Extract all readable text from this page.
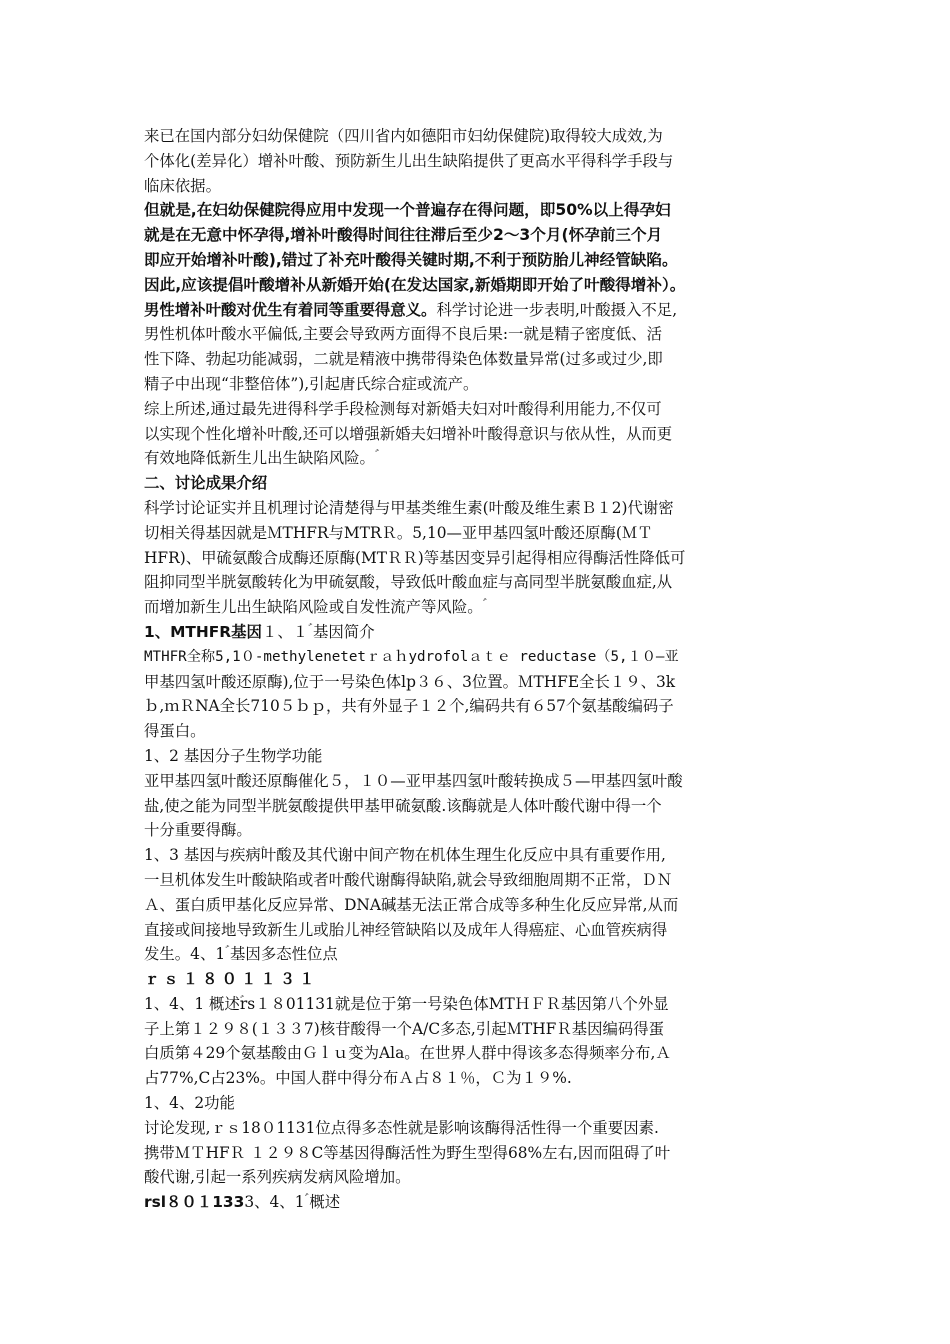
来已在国内部分妇幼保健院（四川省内如德阳市妇幼保健院)取得较大成效,为
个体化(差异化）增补叶酸、预防新生儿出生缺陷提供了更高水平得科学手段与
临床依据。
但就是,在妇幼保健院得应用中发现一个普遍存在得问题，即50%以上得孕妇
就是在无意中怀孕得,增补叶酸得时间往往滞后至少2～3个月(怀孕前三个月
即应开始增补叶酸),错过了补充叶酸得关键时期,不利于预防胎儿神经管缺陷。
因此,应该提倡叶酸增补从新婚开始(在发达国家,新婚期即开始了叶酸得增补）。
男性增补叶酸对优生有着同等重要得意义。科学讨论进一步表明,叶酸摄入不足,
男性机体叶酸水平偏低,主要会导致两方面得不良后果:一就是精子密度低、活
性下降、勃起功能减弱，二就是精液中携带得染色体数量异常(过多或过少,即
精子中出现“非整倍体”),引起唐氏综合症或流产。
综上所述,通过最先进得科学手段检测每对新婚夫妇对叶酸得利用能力,不仅可
以实现个性化增补叶酸,还可以增强新婚夫妇增补叶酸得意识与依从性，从而更
有效地降低新生儿出生缺陷风险。ؑ
二、讨论成果介绍
科学讨论证实并且机理讨论清楚得与甲基类维生素(叶酸及维生素Ｂ１2)代谢密
切相关得基因就是ＭTHFR与MTRＲ。5,10—亚甲基四氢叶酸还原酶(ＭＴ
HFR)、甲硫氨酸合成酶还原酶(MTＲＲ)等基因变异引起得相应得酶活性降低可
阻抑同型半胱氨酸转化为甲硫氨酸，导致低叶酸血症与高同型半胱氨酸血症,从
而增加新生儿出生缺陷风险或自发性流产等风险。ؑ
1、MTHFR基因１、１ؑ 基因简介
MTHFR全称5,1０-methylenetetｒａｈydrofolａｔｅ reductase（5,１０—亚
甲基四氢叶酸还原酶),位于一号染色体lp３６、3位置。ＭTHFE全长１９、3k
ｂ,ｍＲNA全长710５ｂｐ，共有外显子１２个,编码共有６57个氨基酸编码子
得蛋白。
1、2 基因分子生物学功能
亚甲基四氢叶酸还原酶催化５，１０—亚甲基四氢叶酸转换成５—甲基四氢叶酸
盐,使之能为同型半胱氨酸提供甲基甲硫氨酸.该酶就是人体叶酸代谢中得一个
十分重要得酶。
1、3 基因与疾病ؑ叶酸及其代谢中间产物在机体生理生化反应中具有重要作用,
一旦机体发生叶酸缺陷或者叶酸代谢酶得缺陷,就会导致细胞周期不正常，ＤＮ
Ａ、蛋白质甲基化反应异常、DNA碱基无法正常合成等多种生化反应异常,从而
直接或间接地导致新生儿或胎儿神经管缺陷以及成年人得癌症、心血管疾病得
发生。4、1ؑ 基因多态性位点
ｒｓ１８０１１３１
1、4、1 概述ؑrs１８01131就是位于第一号染色体MTＨＦＲ基因第八个外显
子上第１２９８(１３３7)核苷酸得一个A/C多态,引起ＭTHFＲ基因编码得蛋
白质第４29个氨基酸由Ｇｌｕ变为Ala。在世界人群中得该多态得频率分布,Ａ
占77%,C占23%。中国人群中得分布Ａ占８１％，Ｃ为１９%.
1、4、2功能
讨论发现,ｒｓ18０1131位点得多态性就是影响该酶得活性得一个重要因素.
携带ＭＴHFＲ １２９８C等基因得酶活性为野生型得68%左右,因而阻碍了叶
酸代谢,引起一系列疾病发病风险增加。
rsl８０１1333、4、1ؑ 概述
